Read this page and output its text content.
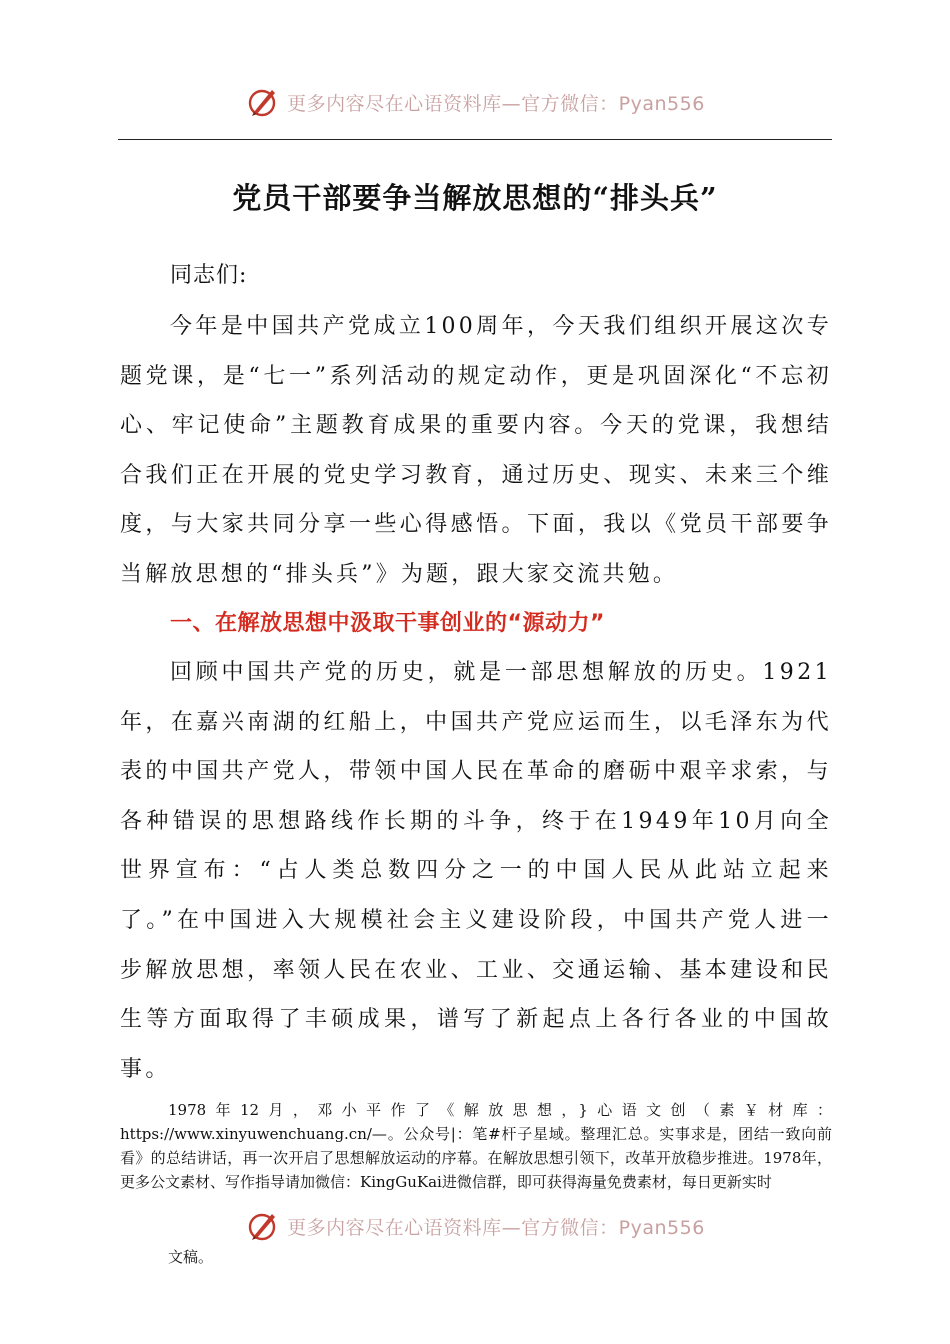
更多内容尽在心语资料库—官方微信：Pyan556
党员干部要争当解放思想的“排头兵”
同志们:

今年是中国共产党成立100周年，今天我们组织开展这次专题党课，是“七一”系列活动的规定动作，更是巩固深化“不忘初心、牢记使命”主题教育成果的重要内容。今天的党课，我想结合我们正在开展的党史学习教育，通过历史、现实、未来三个维度，与大家共同分享一些心得感悟。下面，我以《党员干部要争当解放思想的“排头兵”》为题，跟大家交流共勉。

一、在解放思想中汲取干事创业的“源动力”

回顾中国共产党的历史，就是一部思想解放的历史。1921年，在嘉兴南湖的红船上，中国共产党应运而生，以毛泽东为代表的中国共产党人，带领中国人民在革命的磨砺中艰辛求索，与各种错误的思想路线作长期的斗争，终于在1949年10月向全世界宣布：“占人类总数四分之一的中国人民从此站立起来了。”在中国进入大规模社会主义建设阶段，中国共产党人进一步解放思想，率领人民在农业、工业、交通运输、基本建设和民生等方面取得了丰硕成果，谱写了新起点上各行各业的中国故事。

1978年12月，邓小平作了《解放思想，}心语文创（素￥材库：https://www.xinyuwenchuang.cn/—。公众号|：笔#杆子星域。整理汇总。实事求是，团结一致向前看》的总结讲话，再一次开启了思想解放运动的序幕。在解放思想引领下，改革开放稳步推进。1978年，更多公文素材、写作指导请加微信：KingGuKai进微信群，即可获得海量免费素材，每日更新实时

更多内容尽在心语资料库—官方微信：Pyan556
文稿。
